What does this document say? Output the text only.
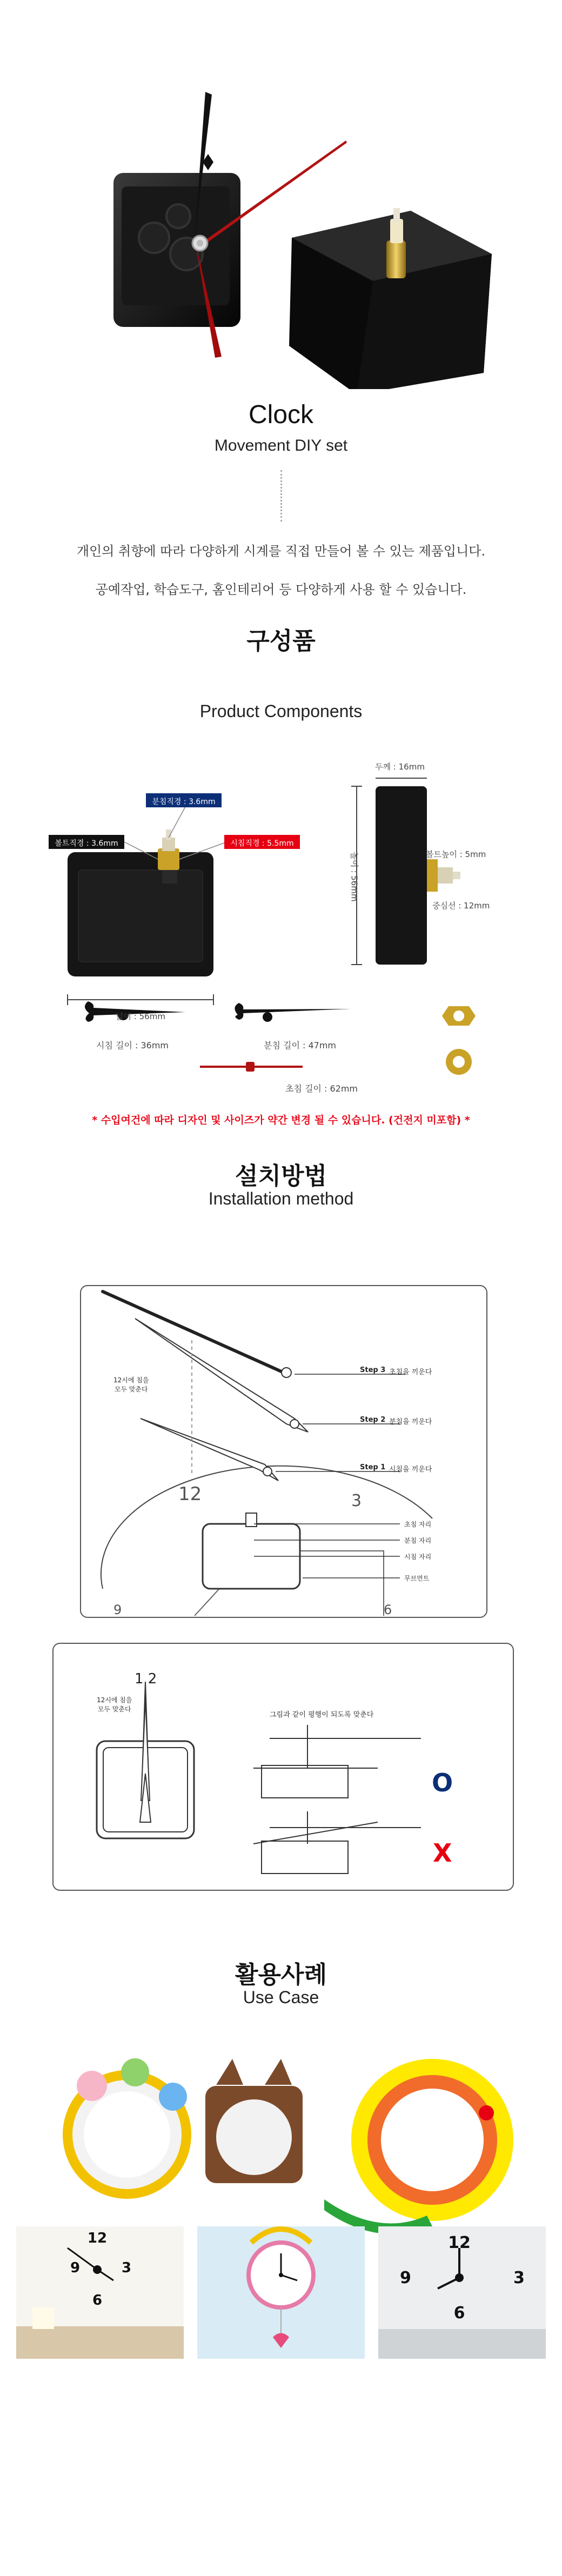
Clock
Movement DIY set
개인의 취향에 따라 다양하게 시계를 직접 만들어 볼 수 있는 제품입니다.
공예작업, 학습도구, 홈인테리어 등 다양하게 사용 할 수 있습니다.
구성품
Product Components
볼트직경 : 3.6mm
분침직경 : 3.6mm
시침직경 : 5.5mm
넓이 : 56mm
두께 : 16mm
높이 : 56mm	볼트높이 : 5mm
중심선 : 12mm
시침 길이 : 36mm	분침 길이 : 47mm
초침 길이 : 62mm
* 수입여건에 따라 디자인 및 사이즈가 약간 변경 될 수 있습니다. (건전지 미포함) *
설치방법
Installation method
Step 3 초침을 끼운다
Step 2 분침을 끼운다
Step 1 시침을 끼운다
12시에 침을
모두 맞춘다
12	3
9	6
초침 자리
분침 자리
시침 자리
무브먼트
1 2
12시에 침을
모두 맞춘다
그림과 같이 평행이 되도록 맞춘다
O
X
활용사례
Use Case
12
9	3
6
12
9	3
6
